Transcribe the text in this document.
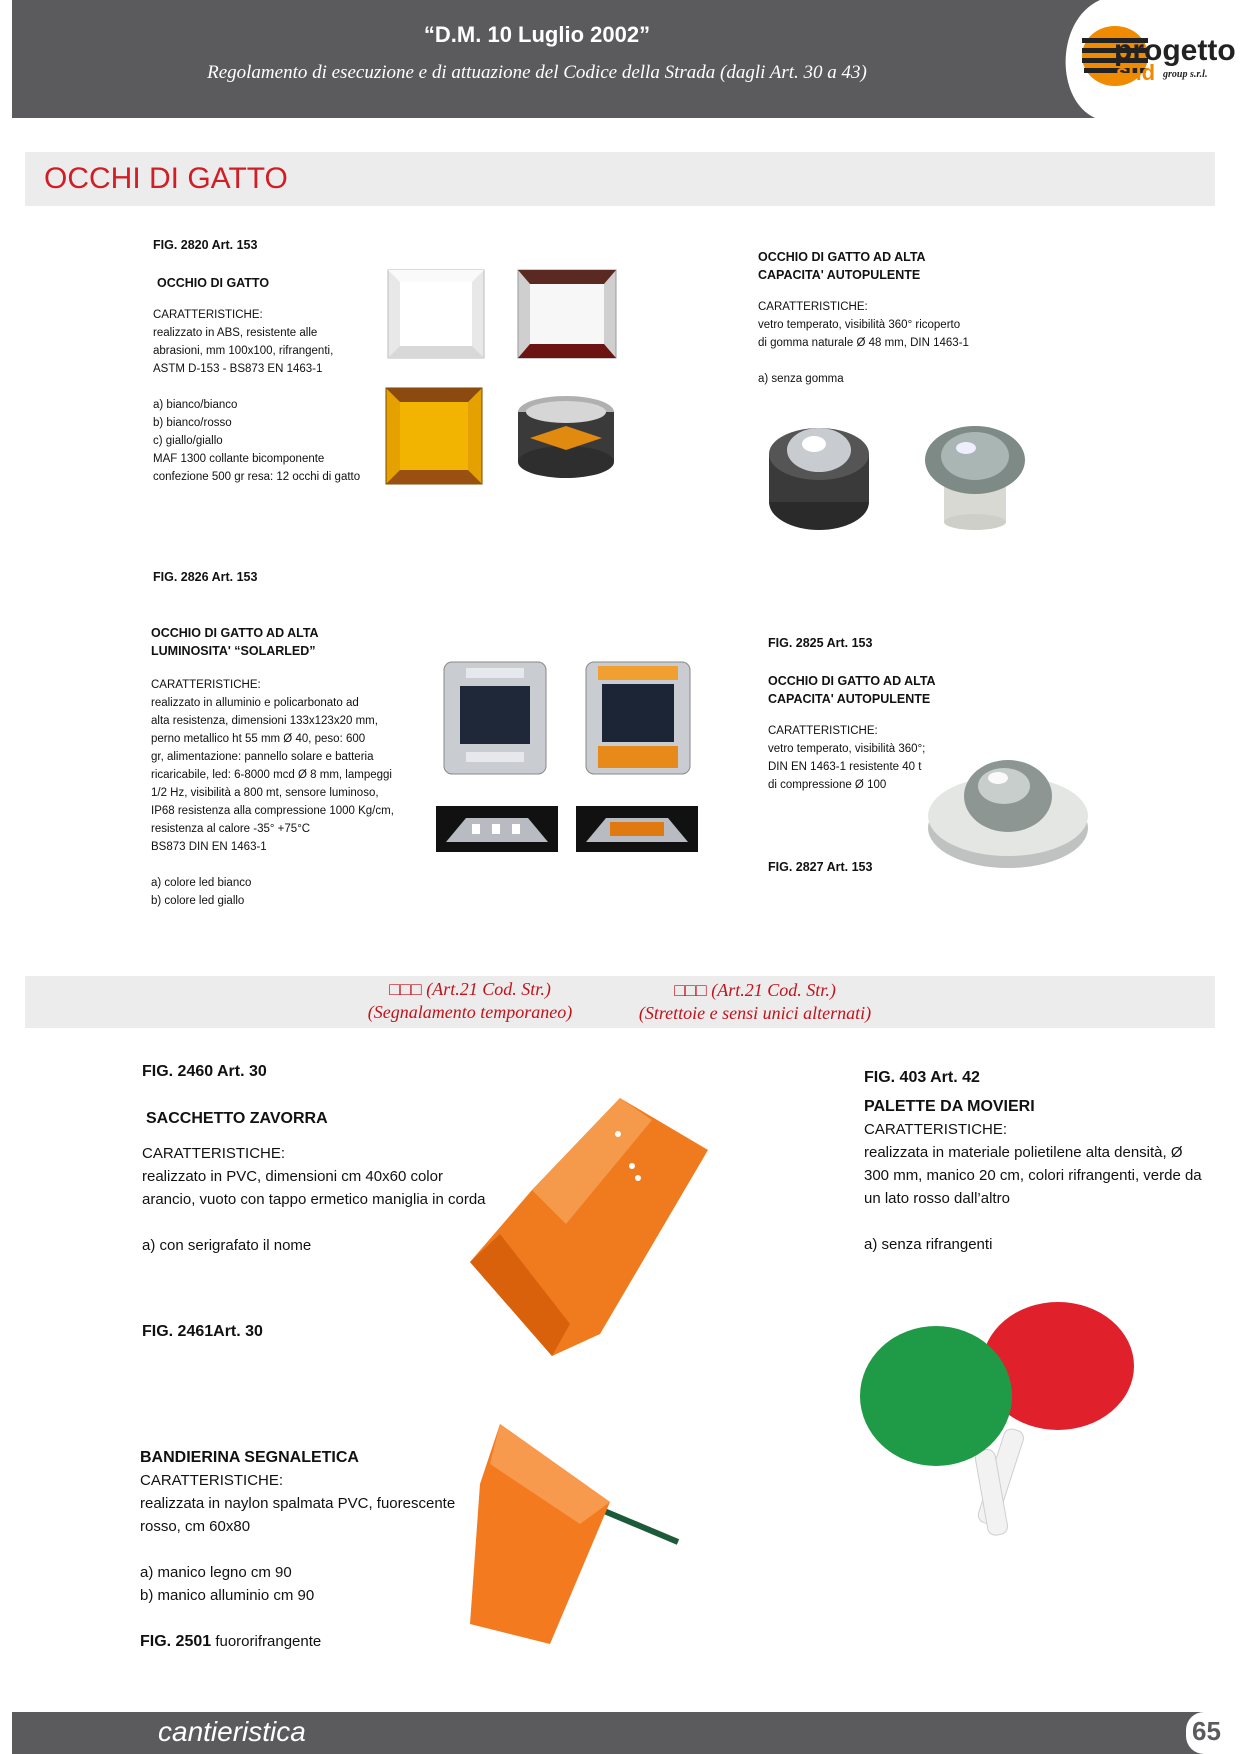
“D.M. 10 Luglio 2002”
Regolamento di esecuzione e di attuazione del Codice della Strada (dagli Art. 30 a 43)
progetto
sud group s.r.l.
OCCHI DI GATTO
FIG. 2820 Art. 153
OCCHIO DI GATTO
CARATTERISTICHE:
realizzato in ABS, resistente alle
abrasioni, mm 100x100, rifrangenti,
ASTM D-153 - BS873 EN 1463-1
a) bianco/bianco
b) bianco/rosso
c) giallo/giallo
MAF 1300 collante bicomponente
confezione 500 gr resa: 12 occhi di gatto
OCCHIO DI GATTO AD ALTA
CAPACITA' AUTOPULENTE
CARATTERISTICHE:
vetro temperato, visibilità 360° ricoperto
di gomma naturale Ø 48 mm, DIN 1463-1
a) senza gomma
FIG. 2826 Art. 153
OCCHIO DI GATTO AD ALTA
LUMINOSITA' “SOLARLED”
CARATTERISTICHE:
realizzato in alluminio e policarbonato ad
alta resistenza, dimensioni 133x123x20 mm,
perno metallico ht 55 mm Ø 40, peso: 600
gr, alimentazione: pannello solare e batteria
ricaricabile, led: 6-8000 mcd Ø 8 mm, lampeggi
1/2 Hz, visibilità a 800 mt, sensore luminoso,
IP68 resistenza alla compressione 1000 Kg/cm,
resistenza al calore -35° +75°C
BS873 DIN EN 1463-1
a) colore led bianco
b) colore led giallo
FIG. 2825 Art. 153
OCCHIO DI GATTO AD ALTA
CAPACITA' AUTOPULENTE
CARATTERISTICHE:
vetro temperato, visibilità 360°;
DIN EN 1463-1 resistente 40 t
di compressione Ø 100
FIG. 2827 Art. 153
□□□ (Art.21 Cod. Str.)
(Segnalamento temporaneo)
□□□ (Art.21 Cod. Str.)
(Strettoie e sensi unici alternati)
FIG. 2460 Art. 30
SACCHETTO ZAVORRA
CARATTERISTICHE:
realizzato in PVC, dimensioni cm 40x60 color
arancio, vuoto con tappo ermetico maniglia in corda
a) con serigrafato il nome
FIG. 2461Art. 30
FIG. 403 Art. 42
PALETTE DA MOVIERI
CARATTERISTICHE:
realizzata in materiale polietilene alta densità, Ø
300 mm, manico 20 cm, colori rifrangenti, verde da
un lato rosso dall’altro
a) senza rifrangenti
BANDIERINA SEGNALETICA
CARATTERISTICHE:
realizzata in naylon spalmata PVC, fuorescente
rosso, cm 60x80
a) manico legno cm 90
b) manico alluminio cm 90
FIG. 2501 fuororifrangente
cantieristica	65
